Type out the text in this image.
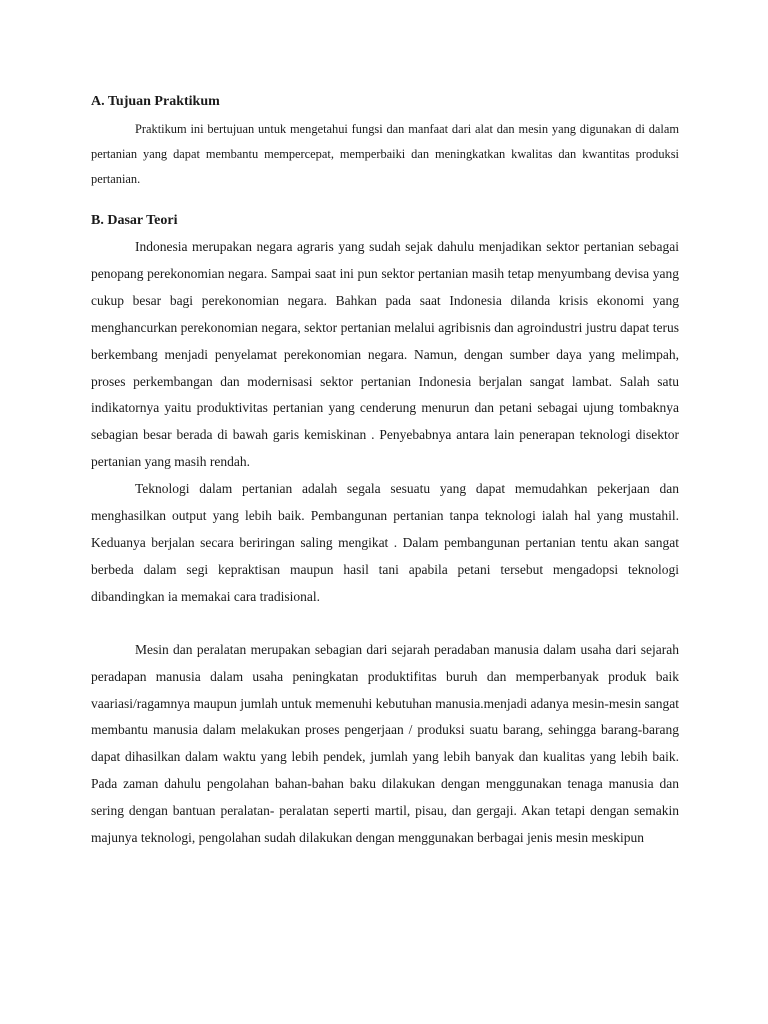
A. Tujuan Praktikum

Praktikum ini bertujuan untuk mengetahui fungsi dan manfaat dari alat dan mesin yang digunakan di dalam pertanian yang dapat membantu mempercepat, memperbaiki dan meningkatkan kwalitas dan kwantitas produksi pertanian.

B. Dasar Teori

Indonesia merupakan negara agraris yang sudah sejak dahulu menjadikan sektor pertanian sebagai penopang perekonomian negara. Sampai saat ini pun sektor pertanian masih tetap menyumbang devisa yang cukup besar bagi perekonomian negara. Bahkan pada saat Indonesia dilanda krisis ekonomi yang menghancurkan perekonomian negara, sektor pertanian melalui agribisnis dan agroindustri justru dapat terus berkembang menjadi penyelamat perekonomian negara. Namun, dengan sumber daya yang melimpah, proses perkembangan dan modernisasi sektor pertanian Indonesia berjalan sangat lambat. Salah satu indikatornya yaitu produktivitas pertanian yang cenderung menurun dan petani sebagai ujung tombaknya sebagian besar berada di bawah garis kemiskinan . Penyebabnya antara lain penerapan teknologi disektor pertanian yang masih rendah.

Teknologi dalam pertanian adalah segala sesuatu yang dapat memudahkan pekerjaan dan menghasilkan output yang lebih baik. Pembangunan pertanian tanpa teknologi ialah hal yang mustahil. Keduanya berjalan secara beriringan saling mengikat . Dalam pembangunan pertanian tentu akan sangat berbeda dalam segi kepraktisan maupun hasil tani apabila petani tersebut mengadopsi teknologi dibandingkan ia memakai cara tradisional.

Mesin dan peralatan merupakan sebagian dari sejarah peradaban manusia dalam usaha dari sejarah peradapan manusia dalam usaha peningkatan produktifitas buruh dan memperbanyak produk baik vaariasi/ragamnya maupun jumlah untuk memenuhi kebutuhan manusia.menjadi adanya mesin-mesin sangat membantu manusia dalam melakukan proses pengerjaan / produksi suatu barang, sehingga barang-barang dapat dihasilkan dalam waktu yang lebih pendek, jumlah yang lebih banyak dan kualitas yang lebih baik. Pada zaman dahulu pengolahan bahan-bahan baku dilakukan dengan menggunakan tenaga manusia dan sering dengan bantuan peralatan- peralatan seperti martil, pisau, dan gergaji. Akan tetapi dengan semakin majunya teknologi, pengolahan sudah dilakukan dengan menggunakan berbagai jenis mesin meskipun
